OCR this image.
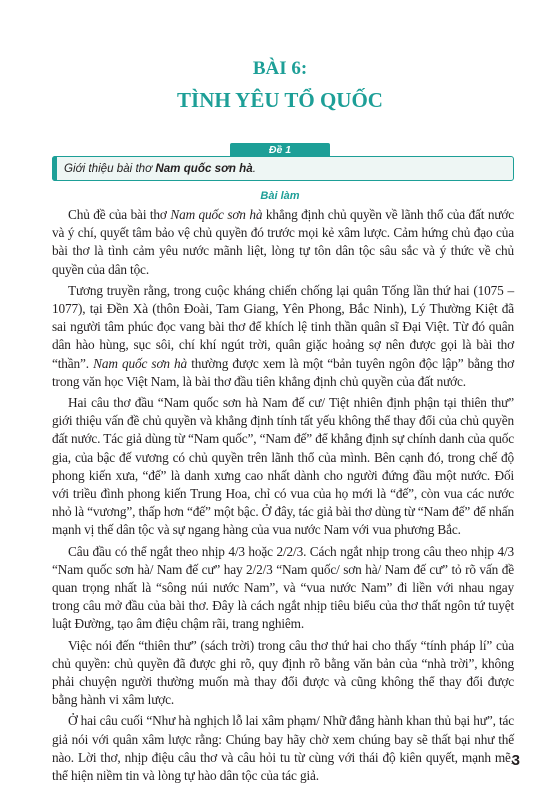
BÀI 6:
TÌNH YÊU TỔ QUỐC
Đề 1
Giới thiệu bài thơ Nam quốc sơn hà.
Bài làm

Chủ đề của bài thơ Nam quốc sơn hà khẳng định chủ quyền về lãnh thổ của đất nước và ý chí, quyết tâm bảo vệ chủ quyền đó trước mọi kẻ xâm lược. Cảm hứng chủ đạo của bài thơ là tình cảm yêu nước mãnh liệt, lòng tự tôn dân tộc sâu sắc và ý thức về chủ quyền của dân tộc.

Tương truyền rằng, trong cuộc kháng chiến chống lại quân Tống lần thứ hai (1075 – 1077), tại Đền Xà (thôn Đoài, Tam Giang, Yên Phong, Bắc Ninh), Lý Thường Kiệt đã sai người tâm phúc đọc vang bài thơ để khích lệ tinh thần quân sĩ Đại Việt. Từ đó quân dân hào hùng, sục sôi, chí khí ngút trời, quân giặc hoảng sợ nên được gọi là bài thơ “thần”. Nam quốc sơn hà thường được xem là một “bản tuyên ngôn độc lập” bằng thơ trong văn học Việt Nam, là bài thơ đầu tiên khẳng định chủ quyền của đất nước.

Hai câu thơ đầu “Nam quốc sơn hà Nam đế cư/ Tiệt nhiên định phận tại thiên thư” giới thiệu vấn đề chủ quyền và khẳng định tính tất yếu không thể thay đổi của chủ quyền đất nước. Tác giả dùng từ “Nam quốc”, “Nam đế” để khẳng định sự chính danh của quốc gia, của bậc đế vương có chủ quyền trên lãnh thổ của mình. Bên cạnh đó, trong chế độ phong kiến xưa, “đế” là danh xưng cao nhất dành cho người đứng đầu một nước. Đối với triều đình phong kiến Trung Hoa, chỉ có vua của họ mới là “đế”, còn vua các nước nhỏ là “vương”, thấp hơn “đế” một bậc. Ở đây, tác giả bài thơ dùng từ “Nam đế” để nhấn mạnh vị thế dân tộc và sự ngang hàng của vua nước Nam với vua phương Bắc.

Câu đầu có thể ngắt theo nhịp 4/3 hoặc 2/2/3. Cách ngắt nhịp trong câu theo nhịp 4/3 “Nam quốc sơn hà/ Nam đế cư” hay 2/2/3 “Nam quốc/ sơn hà/ Nam đế cư” tỏ rõ vấn đề quan trọng nhất là “sông núi nước Nam”, và “vua nước Nam” đi liền với nhau ngay trong câu mở đầu của bài thơ. Đây là cách ngắt nhịp tiêu biểu của thơ thất ngôn tứ tuyệt luật Đường, tạo âm điệu chậm rãi, trang nghiêm.

Việc nói đến “thiên thư” (sách trời) trong câu thơ thứ hai cho thấy “tính pháp lí” của chủ quyền: chủ quyền đã được ghi rõ, quy định rõ bằng văn bản của “nhà trời”, không phải chuyện người thường muốn mà thay đổi được và cũng không thể thay đổi được bằng hành vi xâm lược.

Ở hai câu cuối “Như hà nghịch lỗ lai xâm phạm/ Nhữ đẳng hành khan thủ bại hư”, tác giả nói với quân xâm lược rằng: Chúng bay hãy chờ xem chúng bay sẽ thất bại như thế nào. Lời thơ, nhịp điệu câu thơ và câu hỏi tu từ cùng với thái độ kiên quyết, mạnh mẽ, thể hiện niềm tin và lòng tự hào dân tộc của tác giả.

3
